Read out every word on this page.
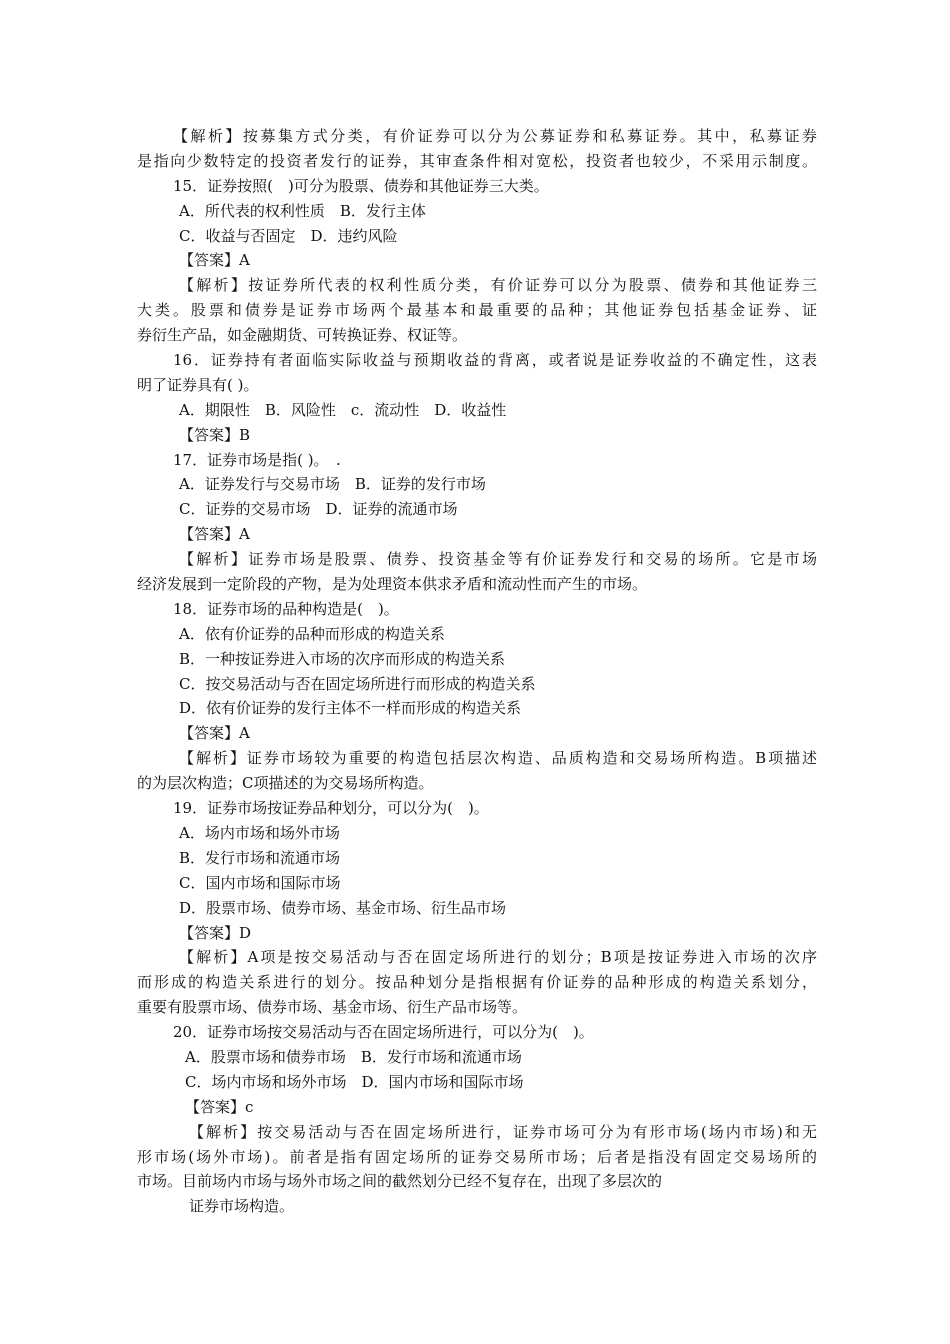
【解析】按募集方式分类，有价证券可以分为公募证券和私募证券。其中，私募证券
是指向少数特定的投资者发行的证券，其审查条件相对宽松，投资者也较少，不采用示制度。
15．证券按照(　)可分为股票、债券和其他证券三大类。
A．所代表的权利性质　B．发行主体
C．收益与否固定　D．违约风险
【答案】A
【解析】按证券所代表的权利性质分类，有价证券可以分为股票、债券和其他证券三
大类。股票和债券是证券市场两个最基本和最重要的品种；其他证券包括基金证券、证
券衍生产品，如金融期货、可转换证券、权证等。
16．证券持有者面临实际收益与预期收益的背离，或者说是证券收益的不确定性，这表
明了证券具有( )。
A．期限性　B．风险性　c．流动性　D．收益性
【答案】B
17．证券市场是指( )。　.
A．证券发行与交易市场　B．证券的发行市场
C．证券的交易市场　D．证券的流通市场
【答案】A
【解析】证券市场是股票、债券、投资基金等有价证券发行和交易的场所。它是市场
经济发展到一定阶段的产物，是为处理资本供求矛盾和流动性而产生的市场。
18．证券市场的品种构造是(　)。
A．依有价证券的品种而形成的构造关系
B．一种按证券进入市场的次序而形成的构造关系
C．按交易活动与否在固定场所进行而形成的构造关系
D．依有价证券的发行主体不一样而形成的构造关系
【答案】A
【解析】证券市场较为重要的构造包括层次构造、品质构造和交易场所构造。B项描述
的为层次构造；C项描述的为交易场所构造。
19．证券市场按证券品种划分，可以分为(　)。
A．场内市场和场外市场
B．发行市场和流通市场
C．国内市场和国际市场
D．股票市场、债券市场、基金市场、衍生品市场
【答案】D
【解析】A项是按交易活动与否在固定场所进行的划分；B项是按证券进入市场的次序
而形成的构造关系进行的划分。按品种划分是指根据有价证券的品种形成的构造关系划分，
重要有股票市场、债券市场、基金市场、衍生产品市场等。
20．证券市场按交易活动与否在固定场所进行，可以分为(　)。
A．股票市场和债券市场　B．发行市场和流通市场
C．场内市场和场外市场　D．国内市场和国际市场
【答案】c
【解析】按交易活动与否在固定场所进行，证券市场可分为有形市场(场内市场)和无
形市场(场外市场)。前者是指有固定场所的证券交易所市场；后者是指没有固定交易场所的
市场。目前场内市场与场外市场之间的截然划分已经不复存在，出现了多层次的
证券市场构造。
